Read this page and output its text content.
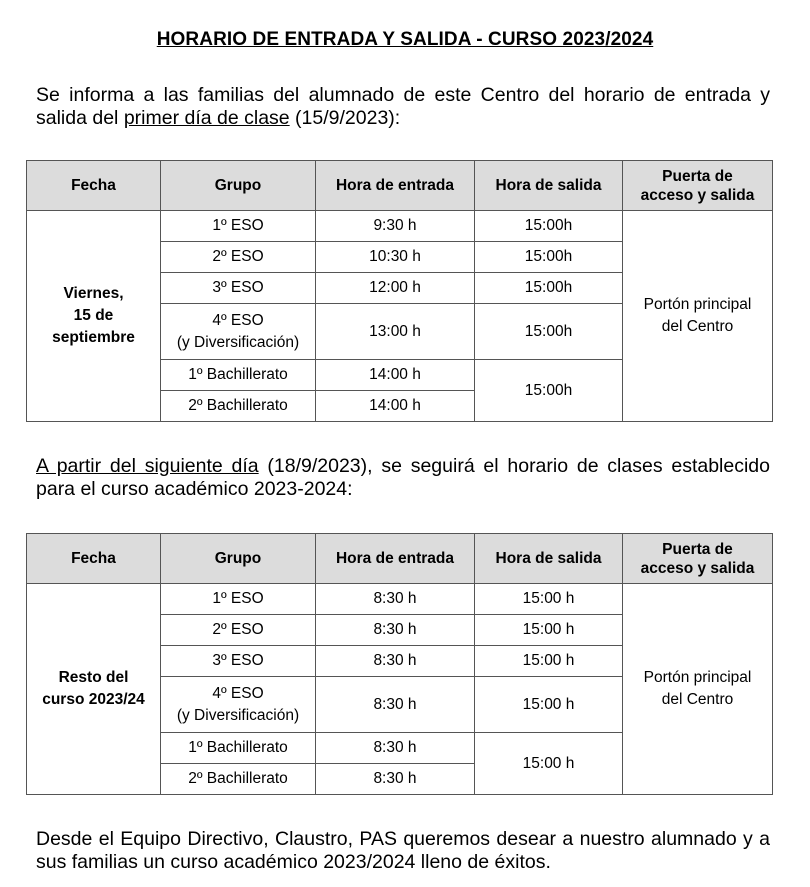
HORARIO DE ENTRADA Y SALIDA - CURSO 2023/2024
Se informa a las familias del alumnado de este Centro del horario de entrada y salida del primer día de clase (15/9/2023):
Fecha	Grupo	Hora de entrada	Hora de salida	Puerta de
acceso y salida
Viernes,
15 de
septiembre	1º ESO	9:30 h	15:00h	Portón principal
del Centro
	2º ESO	10:30 h	15:00h	
	3º ESO	12:00 h	15:00h	
	4º ESO
(y Diversificación)	13:00 h	15:00h	
	1º Bachillerato	14:00 h	15:00h	
	2º Bachillerato	14:00 h		
A partir del siguiente día (18/9/2023), se seguirá el horario de clases establecido para el curso académico 2023-2024:
Fecha	Grupo	Hora de entrada	Hora de salida	Puerta de
acceso y salida
Resto del
curso 2023/24	1º ESO	8:30 h	15:00 h	Portón principal
del Centro
	2º ESO	8:30 h	15:00 h	
	3º ESO	8:30 h	15:00 h	
	4º ESO
(y Diversificación)	8:30 h	15:00 h	
	1º Bachillerato	8:30 h	15:00 h	
	2º Bachillerato	8:30 h		
Desde el Equipo Directivo, Claustro, PAS queremos desear a nuestro alumnado y a sus familias un curso académico 2023/2024 lleno de éxitos.
